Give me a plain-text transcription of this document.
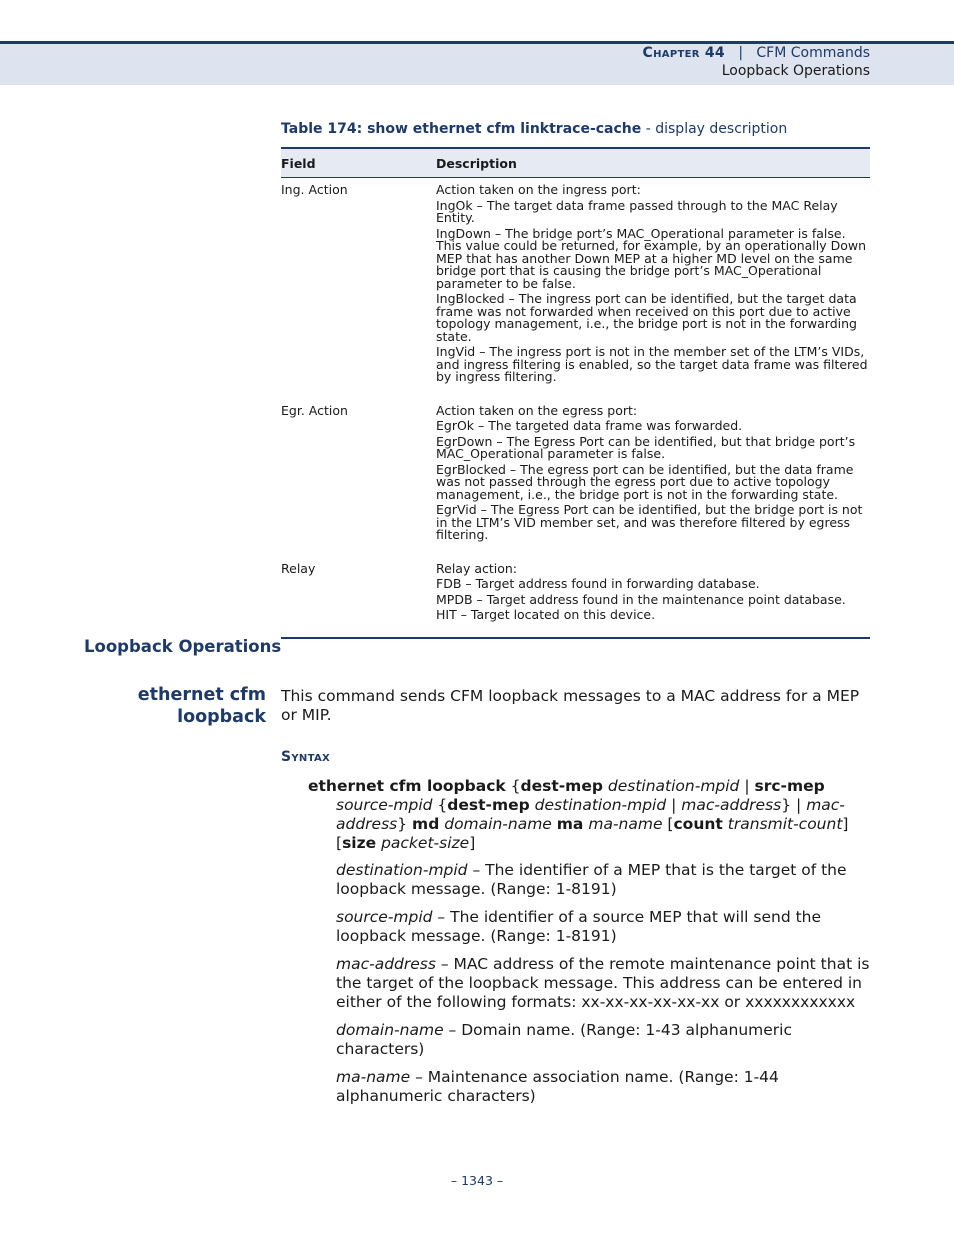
Chapter 44 | CFM Commands
Loopback Operations
Table 174: show ethernet cfm linktrace-cache - display description
Field	Description
Ing. Action	Action taken on the ingress port:

IngOk – The target data frame passed through to the MAC Relay Entity.

IngDown – The bridge port’s MAC_Operational parameter is false. This value could be returned, for example, by an operationally Down MEP that has another Down MEP at a higher MD level on the same bridge port that is causing the bridge port’s MAC_Operational parameter to be false.

IngBlocked – The ingress port can be identified, but the target data frame was not forwarded when received on this port due to active topology management, i.e., the bridge port is not in the forwarding state.

IngVid – The ingress port is not in the member set of the LTM’s VIDs, and ingress filtering is enabled, so the target data frame was filtered by ingress filtering.

Egr. Action	Action taken on the egress port:

EgrOk – The targeted data frame was forwarded.

EgrDown – The Egress Port can be identified, but that bridge port’s MAC_Operational parameter is false.

EgrBlocked – The egress port can be identified, but the data frame was not passed through the egress port due to active topology management, i.e., the bridge port is not in the forwarding state.

EgrVid – The Egress Port can be identified, but the bridge port is not in the LTM’s VID member set, and was therefore filtered by egress filtering.

Relay	Relay action:

FDB – Target address found in forwarding database.

MPDB – Target address found in the maintenance point database.

HIT – Target located on this device.

Loopback Operations
ethernet cfm
loopback
This command sends CFM loopback messages to a MAC address for a MEP or MIP.
Syntax
ethernet cfm loopback {dest-mep destination-mpid | src-mep source-mpid {dest-mep destination-mpid | mac-address} | mac-address} md domain-name ma ma-name [count transmit-count] [size packet-size]

destination-mpid – The identifier of a MEP that is the target of the loopback message. (Range: 1-8191)

source-mpid – The identifier of a source MEP that will send the loopback message. (Range: 1-8191)

mac-address – MAC address of the remote maintenance point that is the target of the loopback message. This address can be entered in either of the following formats: xx-xx-xx-xx-xx-xx or xxxxxxxxxxxx

domain-name – Domain name. (Range: 1-43 alphanumeric characters)

ma-name – Maintenance association name. (Range: 1-44 alphanumeric characters)

– 1343 –
